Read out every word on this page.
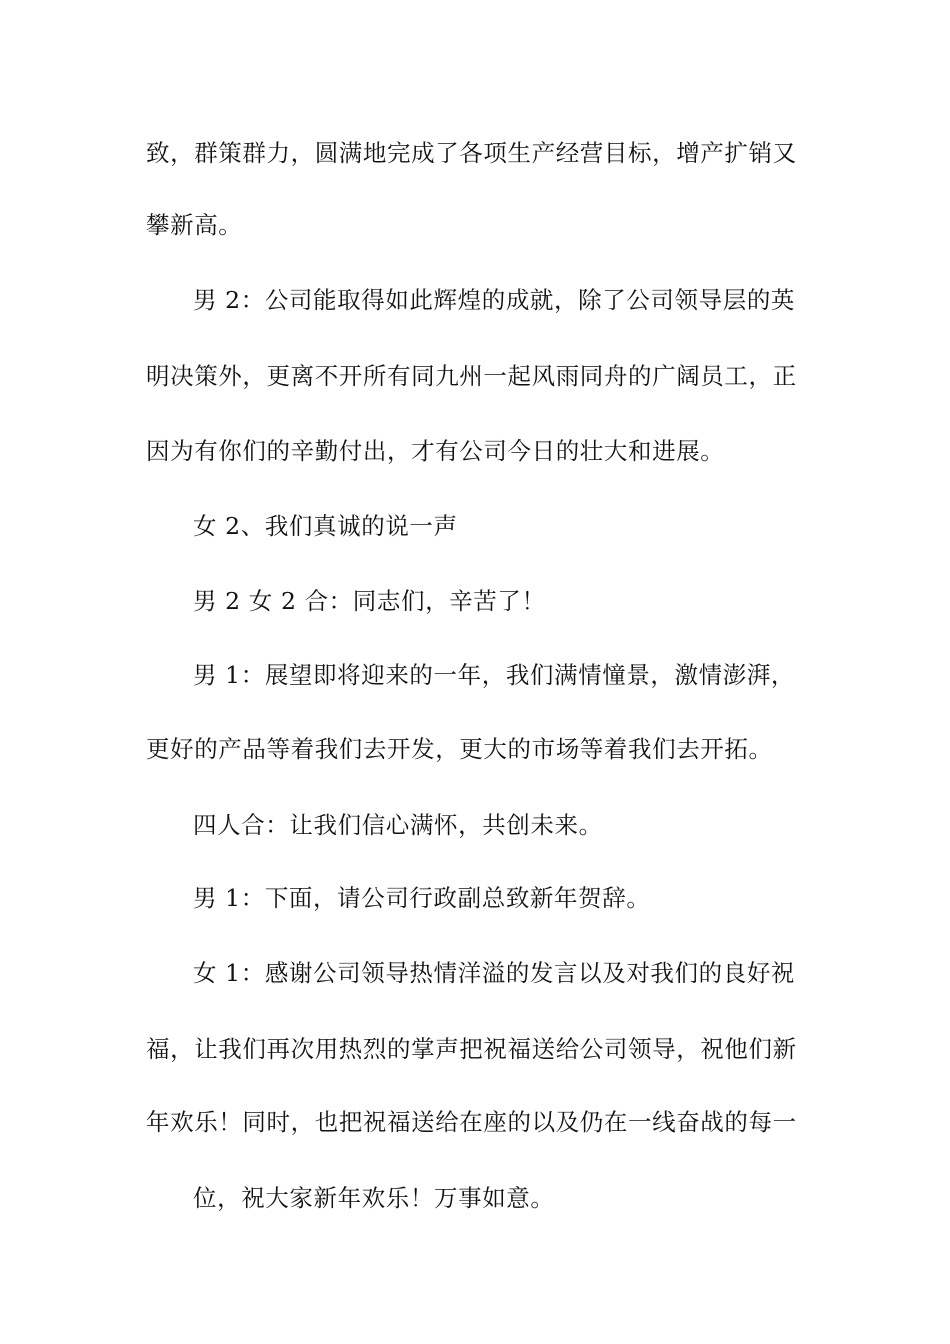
致，群策群力，圆满地完成了各项生产经营目标，增产扩销又
攀新高。
男 2：公司能取得如此辉煌的成就，除了公司领导层的英
明决策外，更离不开所有同九州一起风雨同舟的广阔员工，正
因为有你们的辛勤付出，才有公司今日的壮大和进展。
女 2、我们真诚的说一声
男 2 女 2 合：同志们，辛苦了！
男 1：展望即将迎来的一年，我们满情憧景，激情澎湃，
更好的产品等着我们去开发，更大的市场等着我们去开拓。
四人合：让我们信心满怀，共创未来。
男 1：下面，请公司行政副总致新年贺辞。
女 1：感谢公司领导热情洋溢的发言以及对我们的良好祝
福，让我们再次用热烈的掌声把祝福送给公司领导，祝他们新
年欢乐！同时，也把祝福送给在座的以及仍在一线奋战的每一
位，祝大家新年欢乐！万事如意。
